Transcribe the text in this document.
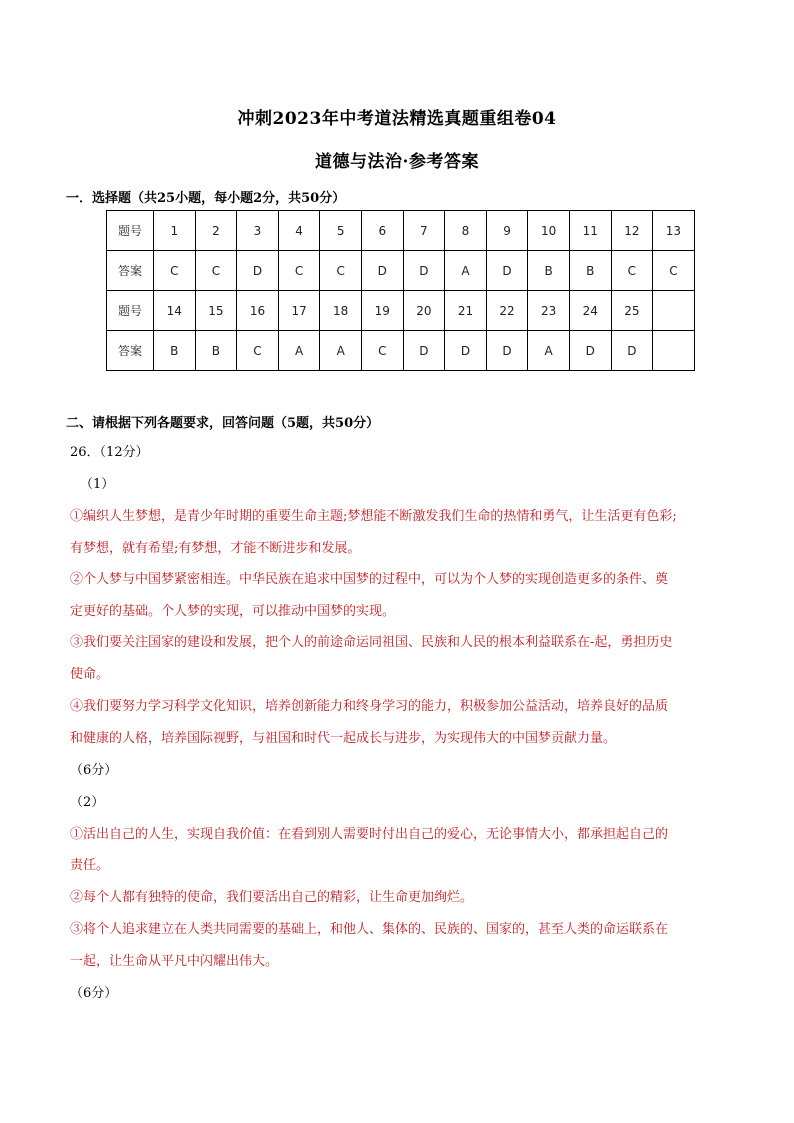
冲刺2023年中考道法精选真题重组卷04
道德与法治·参考答案
一．选择题（共25小题，每小题2分，共50分）
题号	1	2	3	4	5	6	7	8	9	10	11	12	13
答案	C	C	D	C	C	D	D	A	D	B	B	C	C
题号	14	15	16	17	18	19	20	21	22	23	24	25	
答案	B	B	C	A	A	C	D	D	D	A	D	D	
二、请根据下列各题要求，回答问题（5题，共50分）
26．（12分）
（1）
①编织人生梦想，是青少年时期的重要生命主题;梦想能不断激发我们生命的热情和勇气，让生活更有色彩;
有梦想，就有希望;有梦想，才能不断进步和发展。
②个人梦与中国梦紧密相连。中华民族在追求中国梦的过程中，可以为个人梦的实现创造更多的条件、奠
定更好的基础。个人梦的实现，可以推动中国梦的实现。
③我们要关注国家的建设和发展，把个人的前途命运同祖国、民族和人民的根本利益联系在-起，勇担历史
使命。
④我们要努力学习科学文化知识，培养创新能力和终身学习的能力，积极参加公益活动，培养良好的品质
和健康的人格，培养国际视野，与祖国和时代一起成长与进步，为实现伟大的中国梦贡献力量。
（6分）
（2）
①活出自己的人生，实现自我价值：在看到别人需要时付出自己的爱心，无论事情大小，都承担起自己的
责任。
②每个人都有独特的使命，我们要活出自己的精彩，让生命更加绚烂。
③将个人追求建立在人类共同需要的基础上，和他人、集体的、民族的、国家的，甚至人类的命运联系在
一起，让生命从平凡中闪耀出伟大。
（6分）
